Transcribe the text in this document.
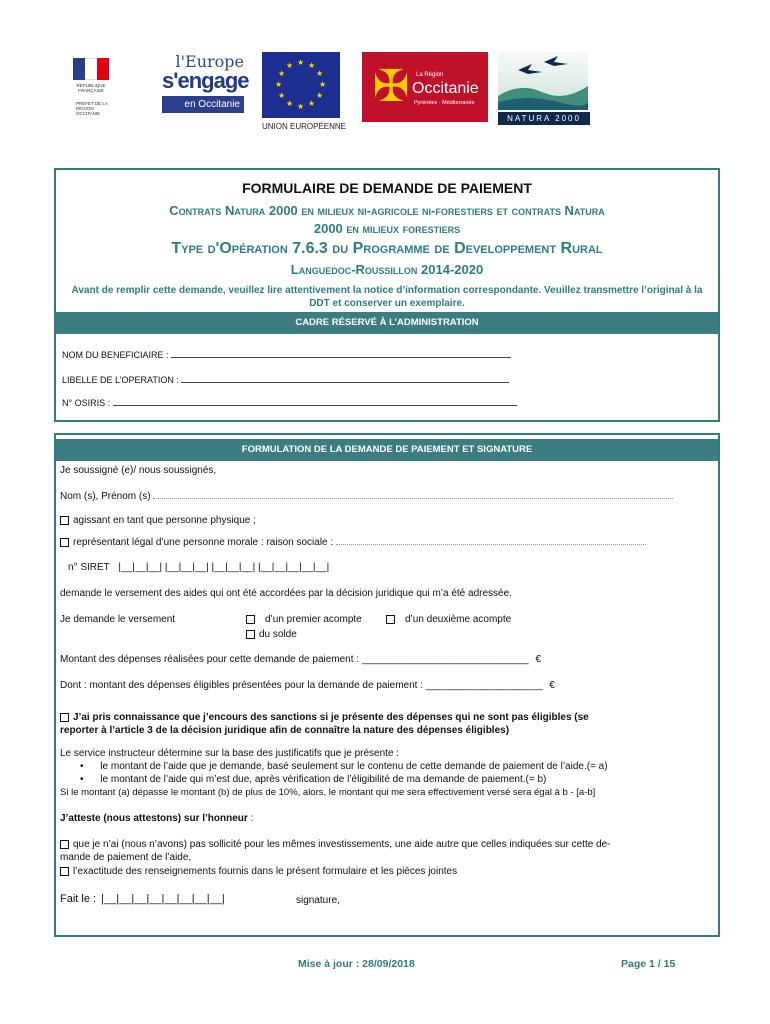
RÉPUBLIQUE FRANÇAISE
PRÉFET DE LA RÉGION OCCITANIE
l'Europe
s'engage
en Occitanie
★ ★
★
★
★
★
★
★
★
★
★
★
UNION EUROPÉENNE
✠	La Région
Occitanie
Pyrénées · Méditerranée
NATURA 2000
FORMULAIRE DE DEMANDE DE PAIEMENT
Contrats Natura 2000 en milieux ni-agricole ni-forestiers et contrats Natura
2000 en milieux forestiers
Type d'Opération 7.6.3 du Programme de Developpement Rural
Languedoc-Roussillon 2014-2020
Avant de remplir cette demande, veuillez lire attentivement la notice d’information correspondante. Veuillez transmettre l’original à la DDT et conserver un exemplaire.
CADRE RÉSERVÉ À L’ADMINISTRATION
NOM DU BENEFICIAIRE :
LIBELLE DE L’OPERATION :
N° OSIRIS :
FORMULATION DE LA DEMANDE DE PAIEMENT ET SIGNATURE
Je soussigné (e)/ nous soussignés,
Nom (s), Prénom (s)
agissant en tant que personne physique ;
représentant légal d’une personne morale : raison sociale :
n° SIRET |__|__|__| |__|__|__| |__|__|__| |__|__|__|__|__|
demande le versement des aides qui ont été accordées par la décision juridique qui m’a été adressée.
Je demande le versement	d’un premier acompte	d’un deuxième acompte
du solde
Montant des dépenses réalisées pour cette demande de paiement : ______________________________ €
Dont : montant des dépenses éligibles présentées pour la demande de paiement : _____________________ €
J’ai pris connaissance que j’encours des sanctions si je présente des dépenses qui ne sont pas éligibles (se
reporter à l’article 3 de la décision juridique afin de connaître la nature des dépenses éligibles)
Le service instructeur détermine sur la base des justificatifs que je présente :
• le montant de l’aide que je demande, basé seulement sur le contenu de cette demande de paiement de l’aide.(= a)
• le montant de l’aide qui m’est due, après vérification de l’éligibilité de ma demande de paiement.(= b)
Si le montant (a) dépasse le montant (b) de plus de 10%, alors, le montant qui me sera effectivement versé sera égal à b - [a-b]
J’atteste (nous attestons) sur l’honneur :
que je n’ai (nous n’avons) pas sollicité pour les mêmes investissements, une aide autre que celles indiquées sur cette de-
mande de paiement de l’aide,
l’exactitude des renseignements fournis dans le présent formulaire et les pièces jointes
Fait le : |__|__|__|__|__|__|__|__|	signature,
Mise à jour : 28/09/2018	Page 1 / 15
